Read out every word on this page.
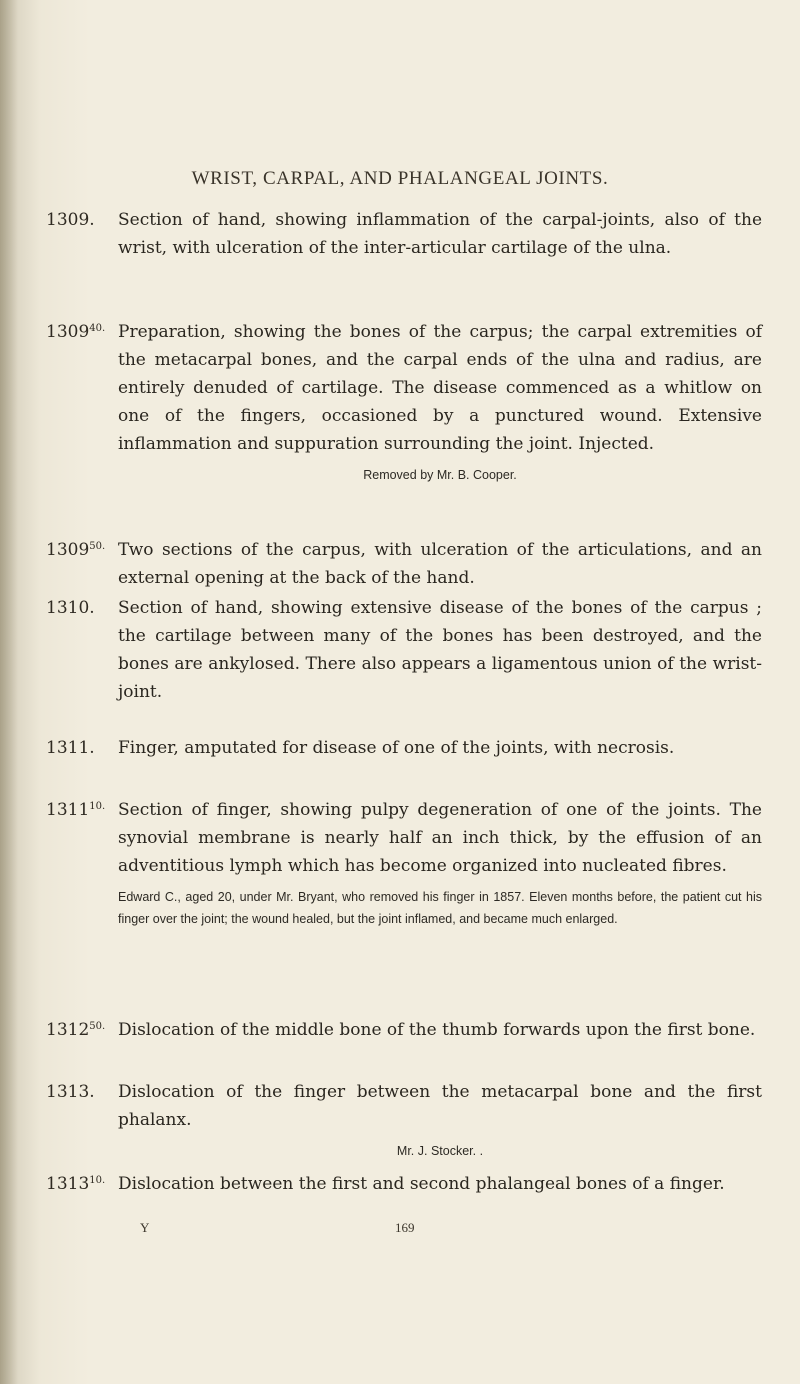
WRIST, CARPAL, AND PHALANGEAL JOINTS.
1309.	Section of hand, showing inflammation of the carpal-joints, also of the wrist, with ulceration of the inter-articular cartilage of the ulna.
$1309^{40.}$ Preparation, showing the bones of the carpus; the carpal extremities of the metacarpal bones, and the carpal ends of the ulna and radius, are entirely denuded of cartilage. The disease commenced as a whitlow on one of the fingers, occasioned by a punctured wound. Extensive inflammation and suppuration surrounding the joint. Injected.
Removed by Mr. B. Cooper.
$1309^{50.}$ Two sections of the carpus, with ulceration of the articulations, and an external opening at the back of the hand.
1310.	Section of hand, showing extensive disease of the bones of the carpus ; the cartilage between many of the bones has been destroyed, and the bones are ankylosed. There also appears a ligamentous union of the wrist-joint.
1311.	Finger, amputated for disease of one of the joints, with necrosis.
$1311^{10.}$ Section of finger, showing pulpy degeneration of one of the joints. The synovial membrane is nearly half an inch thick, by the effusion of an adventitious lymph which has become organized into nucleated fibres.
Edward C., aged 20, under Mr. Bryant, who removed his finger in 1857. Eleven months before, the patient cut his finger over the joint; the wound healed, but the joint inflamed, and became much enlarged.
$1312^{50.}$ Dislocation of the middle bone of the thumb forwards upon the first bone.
1313.	Dislocation of the finger between the metacarpal bone and the first phalanx.
Mr. J. Stocker. .
$1313^{10.}$ Dislocation between the first and second phalangeal bones of a finger.
Y	169
